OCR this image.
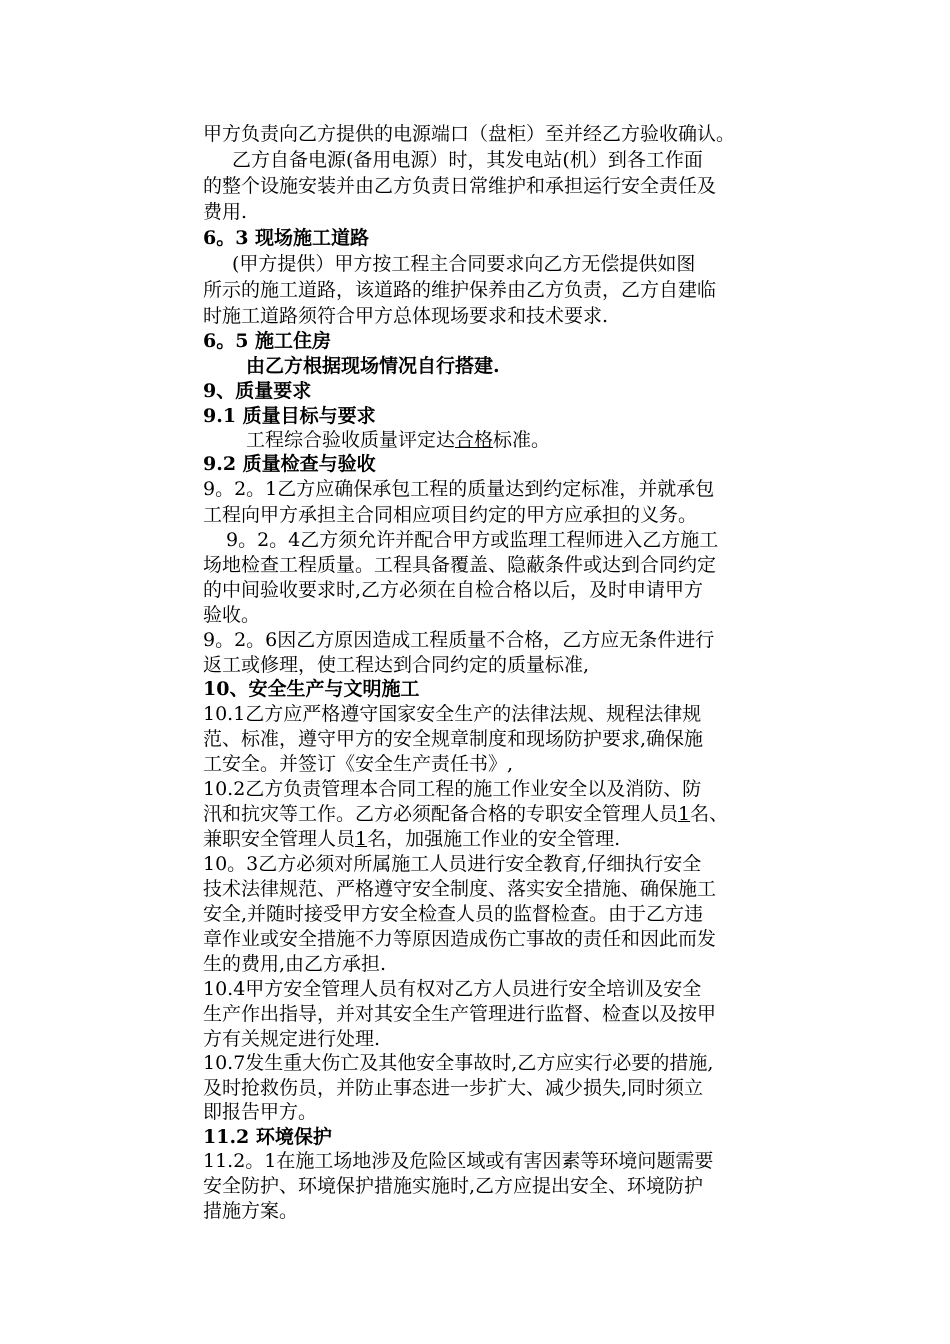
甲方负责向乙方提供的电源端口（盘柜）至并经乙方验收确认。
乙方自备电源(备用电源）时，其发电站(机）到各工作面
的整个设施安装并由乙方负责日常维护和承担运行安全责任及
费用.
6。3 现场施工道路
(甲方提供）甲方按工程主合同要求向乙方无偿提供如图
所示的施工道路，该道路的维护保养由乙方负责，乙方自建临
时施工道路须符合甲方总体现场要求和技术要求.
6。5 施工住房
由乙方根据现场情况自行搭建.
9、质量要求
9.1 质量目标与要求
工程综合验收质量评定达合格标准。
9.2 质量检查与验收
9。2。1乙方应确保承包工程的质量达到约定标准，并就承包
工程向甲方承担主合同相应项目约定的甲方应承担的义务。
9。2。4乙方须允许并配合甲方或监理工程师进入乙方施工
场地检查工程质量。工程具备覆盖、隐蔽条件或达到合同约定
的中间验收要求时,乙方必须在自检合格以后，及时申请甲方
验收。
9。2。6因乙方原因造成工程质量不合格，乙方应无条件进行
返工或修理，使工程达到合同约定的质量标准,
10、安全生产与文明施工
10.1乙方应严格遵守国家安全生产的法律法规、规程法律规
范、标准，遵守甲方的安全规章制度和现场防护要求,确保施
工安全。并签订《安全生产责任书》,
10.2乙方负责管理本合同工程的施工作业安全以及消防、防
汛和抗灾等工作。乙方必须配备合格的专职安全管理人员1名、
兼职安全管理人员1名，加强施工作业的安全管理.
10。3乙方必须对所属施工人员进行安全教育,仔细执行安全
技术法律规范、严格遵守安全制度、落实安全措施、确保施工
安全,并随时接受甲方安全检查人员的监督检查。由于乙方违
章作业或安全措施不力等原因造成伤亡事故的责任和因此而发
生的费用,由乙方承担.
10.4甲方安全管理人员有权对乙方人员进行安全培训及安全
生产作出指导，并对其安全生产管理进行监督、检查以及按甲
方有关规定进行处理.
10.7发生重大伤亡及其他安全事故时,乙方应实行必要的措施,
及时抢救伤员，并防止事态进一步扩大、减少损失,同时须立
即报告甲方。
11.2 环境保护
11.2。1在施工场地涉及危险区域或有害因素等环境问题需要
安全防护、环境保护措施实施时,乙方应提出安全、环境防护
措施方案。
